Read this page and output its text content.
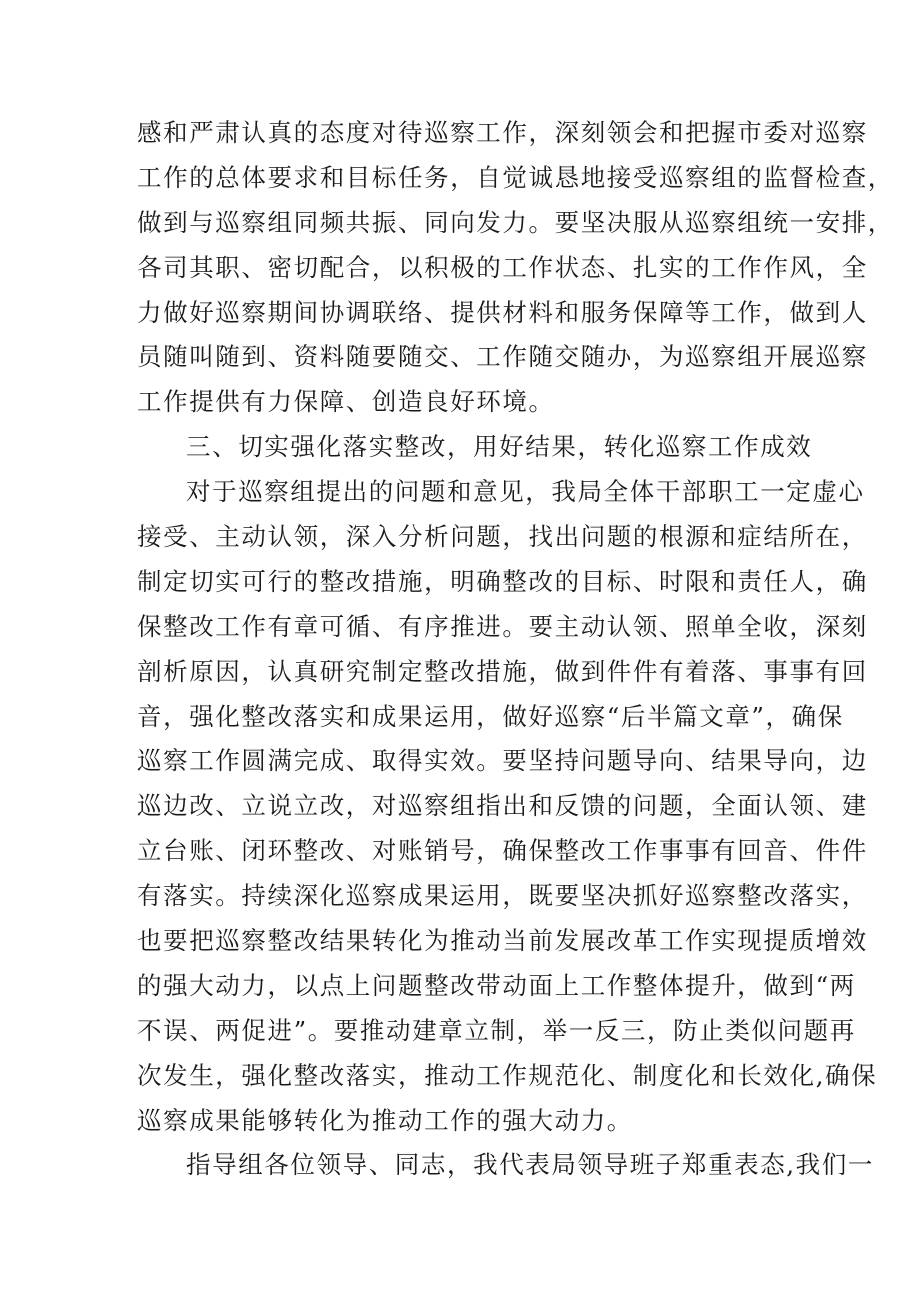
感和严肃认真的态度对待巡察工作，深刻领会和把握市委对巡察
工作的总体要求和目标任务，自觉诚恳地接受巡察组的监督检查，
做到与巡察组同频共振、同向发力。要坚决服从巡察组统一安排，
各司其职、密切配合，以积极的工作状态、扎实的工作作风，全
力做好巡察期间协调联络、提供材料和服务保障等工作，做到人
员随叫随到、资料随要随交、工作随交随办，为巡察组开展巡察
工作提供有力保障、创造良好环境。
三、切实强化落实整改，用好结果，转化巡察工作成效
对于巡察组提出的问题和意见，我局全体干部职工一定虚心
接受、主动认领，深入分析问题，找出问题的根源和症结所在，
制定切实可行的整改措施，明确整改的目标、时限和责任人，确
保整改工作有章可循、有序推进。要主动认领、照单全收，深刻
剖析原因，认真研究制定整改措施，做到件件有着落、事事有回
音，强化整改落实和成果运用，做好巡察“后半篇文章”，确保
巡察工作圆满完成、取得实效。要坚持问题导向、结果导向，边
巡边改、立说立改，对巡察组指出和反馈的问题，全面认领、建
立台账、闭环整改、对账销号，确保整改工作事事有回音、件件
有落实。持续深化巡察成果运用，既要坚决抓好巡察整改落实，
也要把巡察整改结果转化为推动当前发展改革工作实现提质增效
的强大动力，以点上问题整改带动面上工作整体提升，做到“两
不误、两促进”。要推动建章立制，举一反三，防止类似问题再
次发生，强化整改落实，推动工作规范化、制度化和长效化,确保
巡察成果能够转化为推动工作的强大动力。
指导组各位领导、同志，我代表局领导班子郑重表态,我们一
